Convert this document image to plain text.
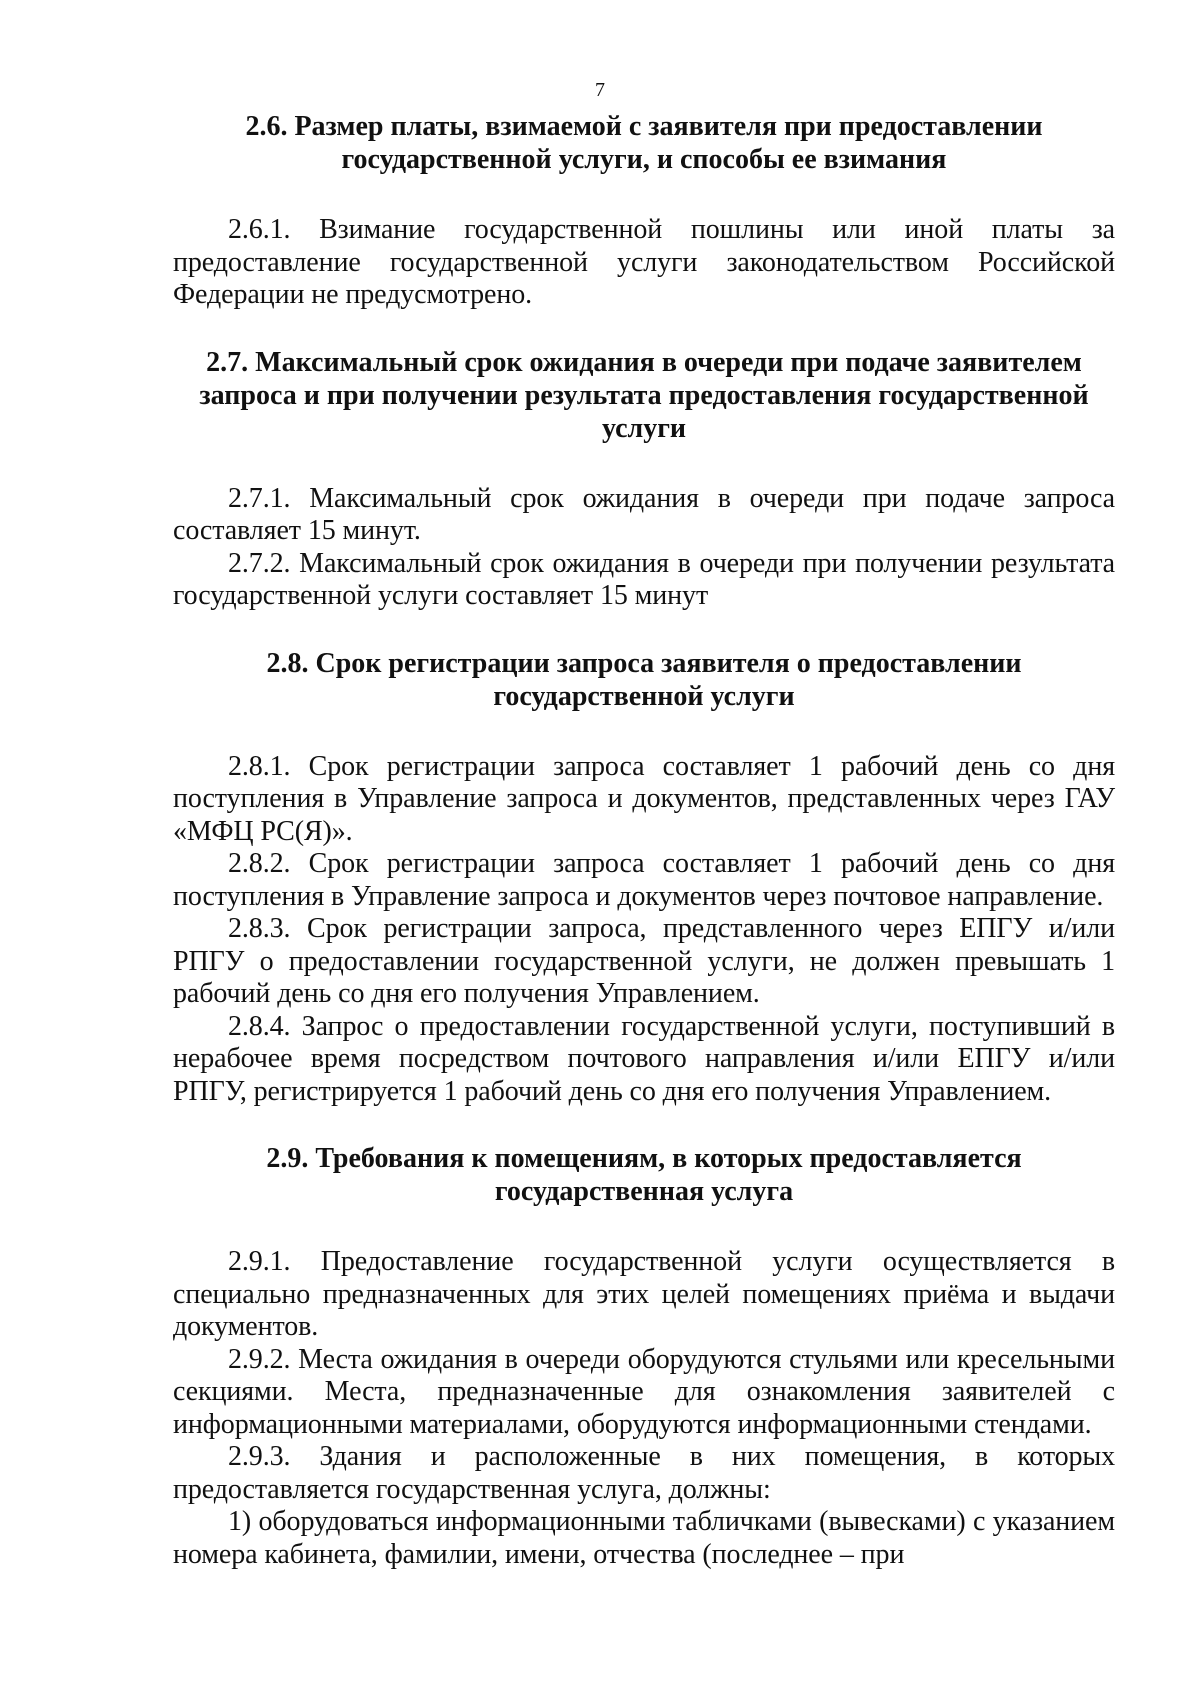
7
2.6. Размер платы, взимаемой с заявителя при предоставлении
государственной услуги, и способы ее взимания

2.6.1. Взимание государственной пошлины или иной платы за предоставление государственной услуги законодательством Российской Федерации не предусмотрено.

2.7. Максимальный срок ожидания в очереди при подаче заявителем
запроса и при получении результата предоставления государственной
услуги

2.7.1. Максимальный срок ожидания в очереди при подаче запроса составляет 15 минут.

2.7.2. Максимальный срок ожидания в очереди при получении результата государственной услуги составляет 15 минут

2.8. Срок регистрации запроса заявителя о предоставлении
государственной услуги

2.8.1. Срок регистрации запроса составляет 1 рабочий день со дня поступления в Управление запроса и документов, представленных через ГАУ «МФЦ РС(Я)».

2.8.2. Срок регистрации запроса составляет 1 рабочий день со дня поступления в Управление запроса и документов через почтовое направление.

2.8.3. Срок регистрации запроса, представленного через ЕПГУ и/или РПГУ о предоставлении государственной услуги, не должен превышать 1 рабочий день со дня его получения Управлением.

2.8.4. Запрос о предоставлении государственной услуги, поступивший в нерабочее время посредством почтового направления и/или ЕПГУ и/или РПГУ, регистрируется 1 рабочий день со дня его получения Управлением.

2.9. Требования к помещениям, в которых предоставляется
государственная услуга

2.9.1. Предоставление государственной услуги осуществляется в специально предназначенных для этих целей помещениях приёма и выдачи документов.

2.9.2. Места ожидания в очереди оборудуются стульями или кресельными секциями. Места, предназначенные для ознакомления заявителей с информационными материалами, оборудуются информационными стендами.

2.9.3. Здания и расположенные в них помещения, в которых предоставляется государственная услуга, должны:

1) оборудоваться информационными табличками (вывесками) с указанием номера кабинета, фамилии, имени, отчества (последнее – при
